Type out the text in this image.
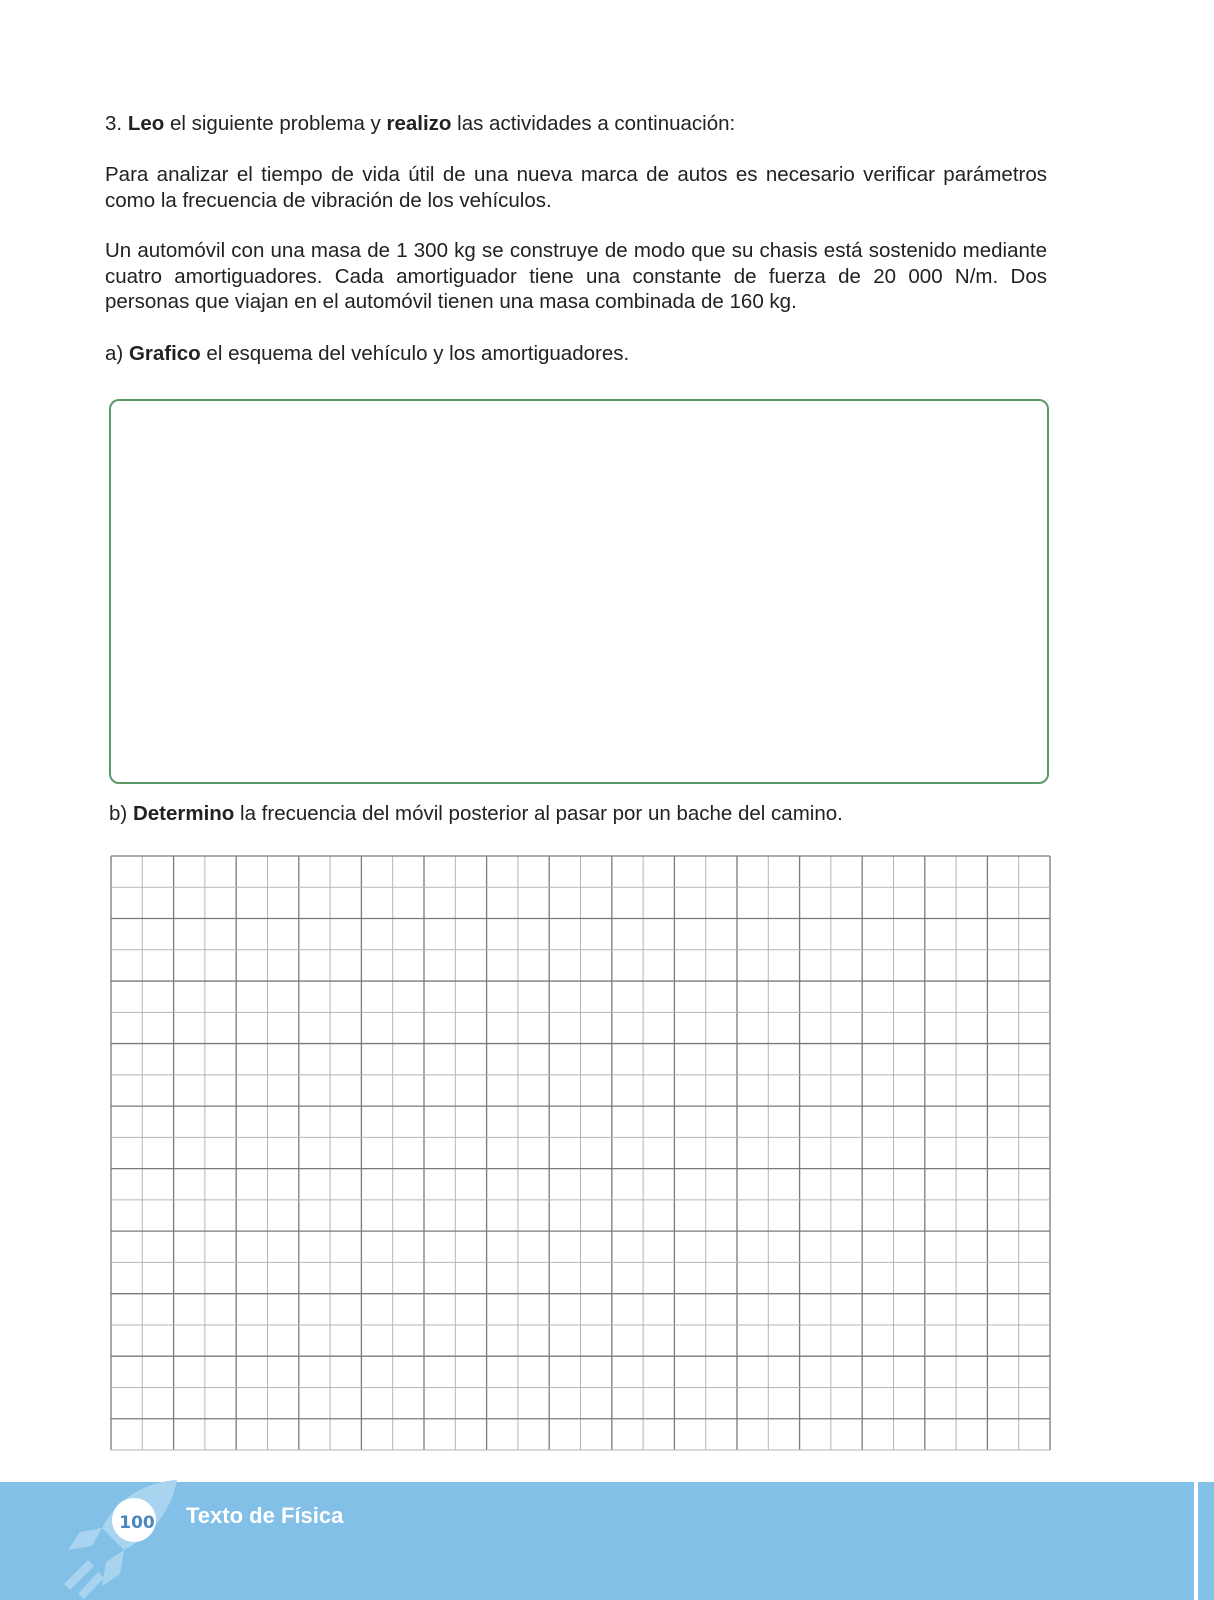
3. Leo el siguiente problema y realizo las actividades a continuación:

Para analizar el tiempo de vida útil de una nueva marca de autos es necesario verificar parámetros como la frecuencia de vibración de los vehículos.

Un automóvil con una masa de 1 300 kg se construye de modo que su chasis está sostenido mediante cuatro amortiguadores. Cada amortiguador tiene una constante de fuerza de 20 000 N/m. Dos personas que viajan en el automóvil tienen una masa combinada de 160 kg.

a) Grafico el esquema del vehículo y los amortiguadores.

b) Determino la frecuencia del móvil posterior al pasar por un bache del camino.

100 Texto de Física
